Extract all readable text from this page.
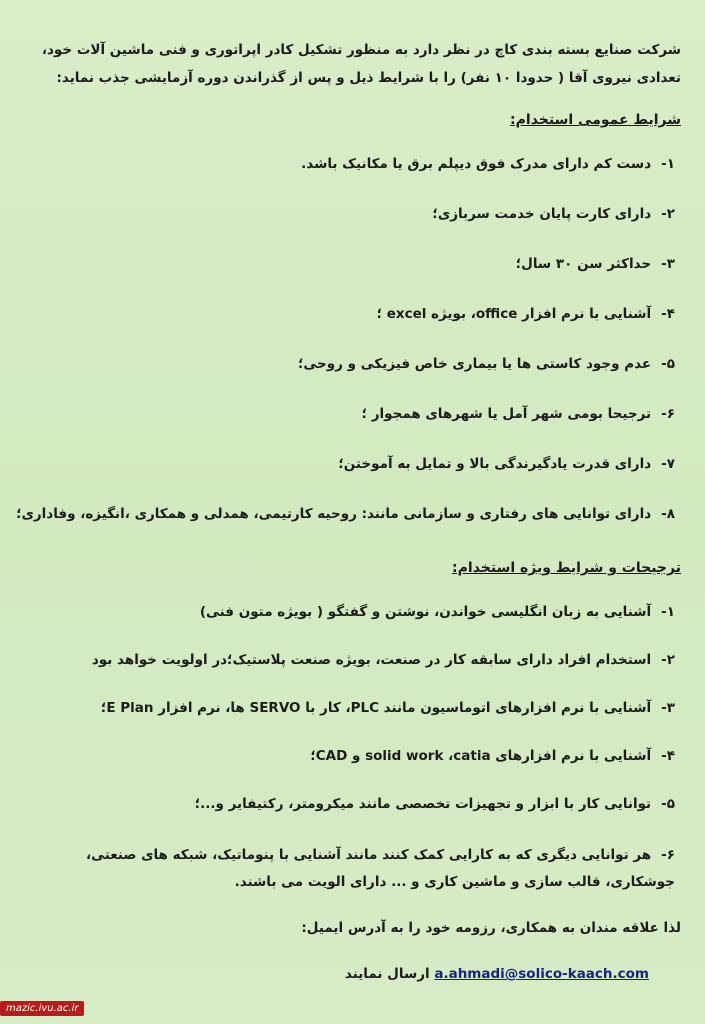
شرکت صنایع بسته بندی کاچ در نظر دارد به منظور تشکیل کادر اپراتوری و فنی ماشین آلات خود، تعدادی نیروی آقا ( حدودا ۱۰ نفر) را با شرایط ذیل و پس از گذراندن دوره آزمایشی جذب نماید:

شرایط عمومی استخدام:
۱-دست کم دارای مدرک فوق دیپلم برق یا مکانیک باشد.
۲-دارای کارت پایان خدمت سربازی؛
۳-حداکثر سن ۳۰ سال؛
۴-آشنایی با نرم افزار office، بویژه excel ؛
۵-عدم وجود کاستی ها یا بیماری خاص فیزیکی و روحی؛
۶-ترجیحا بومی شهر آمل یا شهرهای همجوار ؛
۷-دارای قدرت یادگیرندگی بالا و تمایل به آموختن؛
۸-دارای توانایی های رفتاری و سازمانی مانند: روحیه کارتیمی، همدلی و همکاری ،انگیزه، وفاداری؛
ترجیحات و شرایط ویژه استخدام:
۱-آشنایی به زبان انگلیسی خواندن، نوشتن و گفتگو ( بویژه متون فنی)
۲-استخدام افراد دارای سابقه کار در صنعت، بویژه صنعت پلاستیک؛در اولویت خواهد بود
۳-آشنایی با نرم افزارهای اتوماسیون مانند PLC، کار با SERVO ها، نرم افزار E Plan؛
۴-آشنایی با نرم افزارهای solid work ،catia و CAD؛
۵-توانایی کار با ابزار و تجهیزات تخصصی مانند میکرومتر، رکتیفایر و...؛
۶-هر توانایی دیگری که به کارایی کمک کنند مانند آشنایی با پنوماتیک، شبکه های صنعتی، جوشکاری، قالب سازی و ماشین کاری و ... دارای الویت می باشند.

لذا علاقه مندان به همکاری، رزومه خود را به آدرس ایمیل:

a.ahmadi@solico-kaach.com ارسال نمایند
mazic.ivu.ac.ir
